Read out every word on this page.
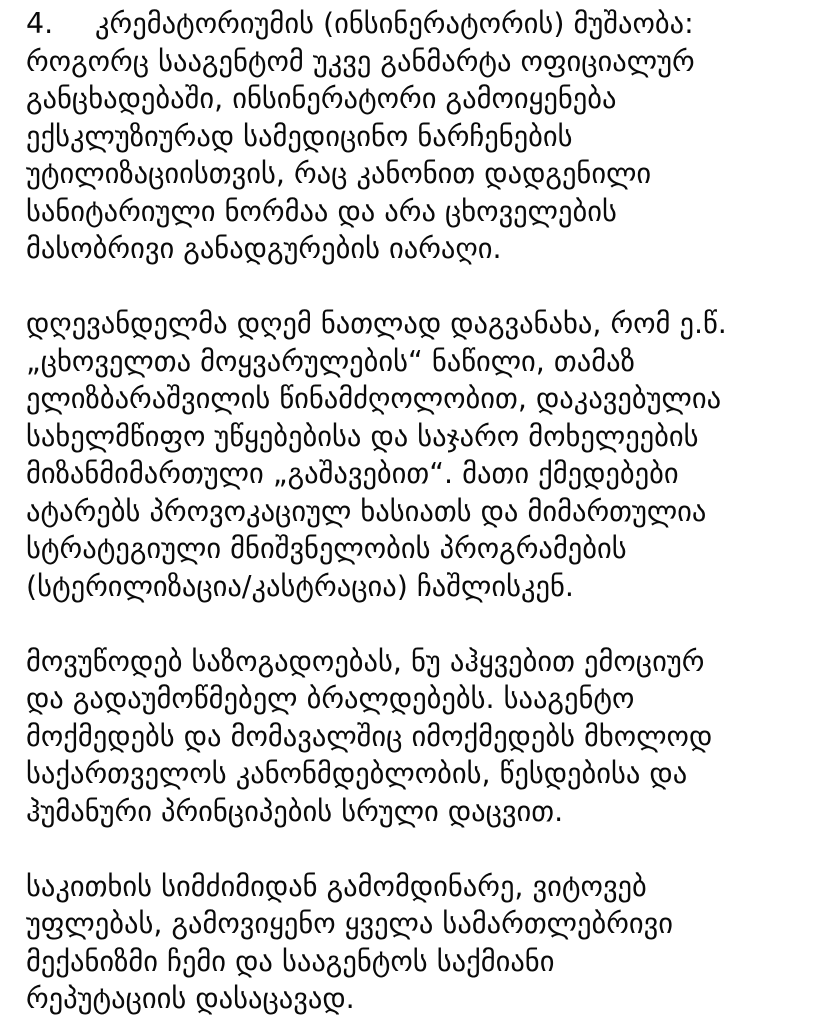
4. კრემატორიუმის (ინსინერატორის) მუშაობა:
როგორც სააგენტომ უკვე განმარტა ოფიციალურ
განცხადებაში, ინსინერატორი გამოიყენება
ექსკლუზიურად სამედიცინო ნარჩენების
უტილიზაციისთვის, რაც კანონით დადგენილი
სანიტარიული ნორმაა და არა ცხოველების
მასობრივი განადგურების იარაღი.
დღევანდელმა დღემ ნათლად დაგვანახა, რომ ე.წ.
„ცხოველთა მოყვარულების“ ნაწილი, თამაზ
ელიზბარაშვილის წინამძღოლობით, დაკავებულია
სახელმწიფო უწყებებისა და საჯარო მოხელეების
მიზანმიმართული „გაშავებით“. მათი ქმედებები
ატარებს პროვოკაციულ ხასიათს და მიმართულია
სტრატეგიული მნიშვნელობის პროგრამების
(სტერილიზაცია/კასტრაცია) ჩაშლისკენ.
მოვუწოდებ საზოგადოებას, ნუ აჰყვებით ემოციურ
და გადაუმოწმებელ ბრალდებებს. სააგენტო
მოქმედებს და მომავალშიც იმოქმედებს მხოლოდ
საქართველოს კანონმდებლობის, წესდებისა და
ჰუმანური პრინციპების სრული დაცვით.
საკითხის სიმძიმიდან გამომდინარე, ვიტოვებ
უფლებას, გამოვიყენო ყველა სამართლებრივი
მექანიზმი ჩემი და სააგენტოს საქმიანი
რეპუტაციის დასაცავად.
